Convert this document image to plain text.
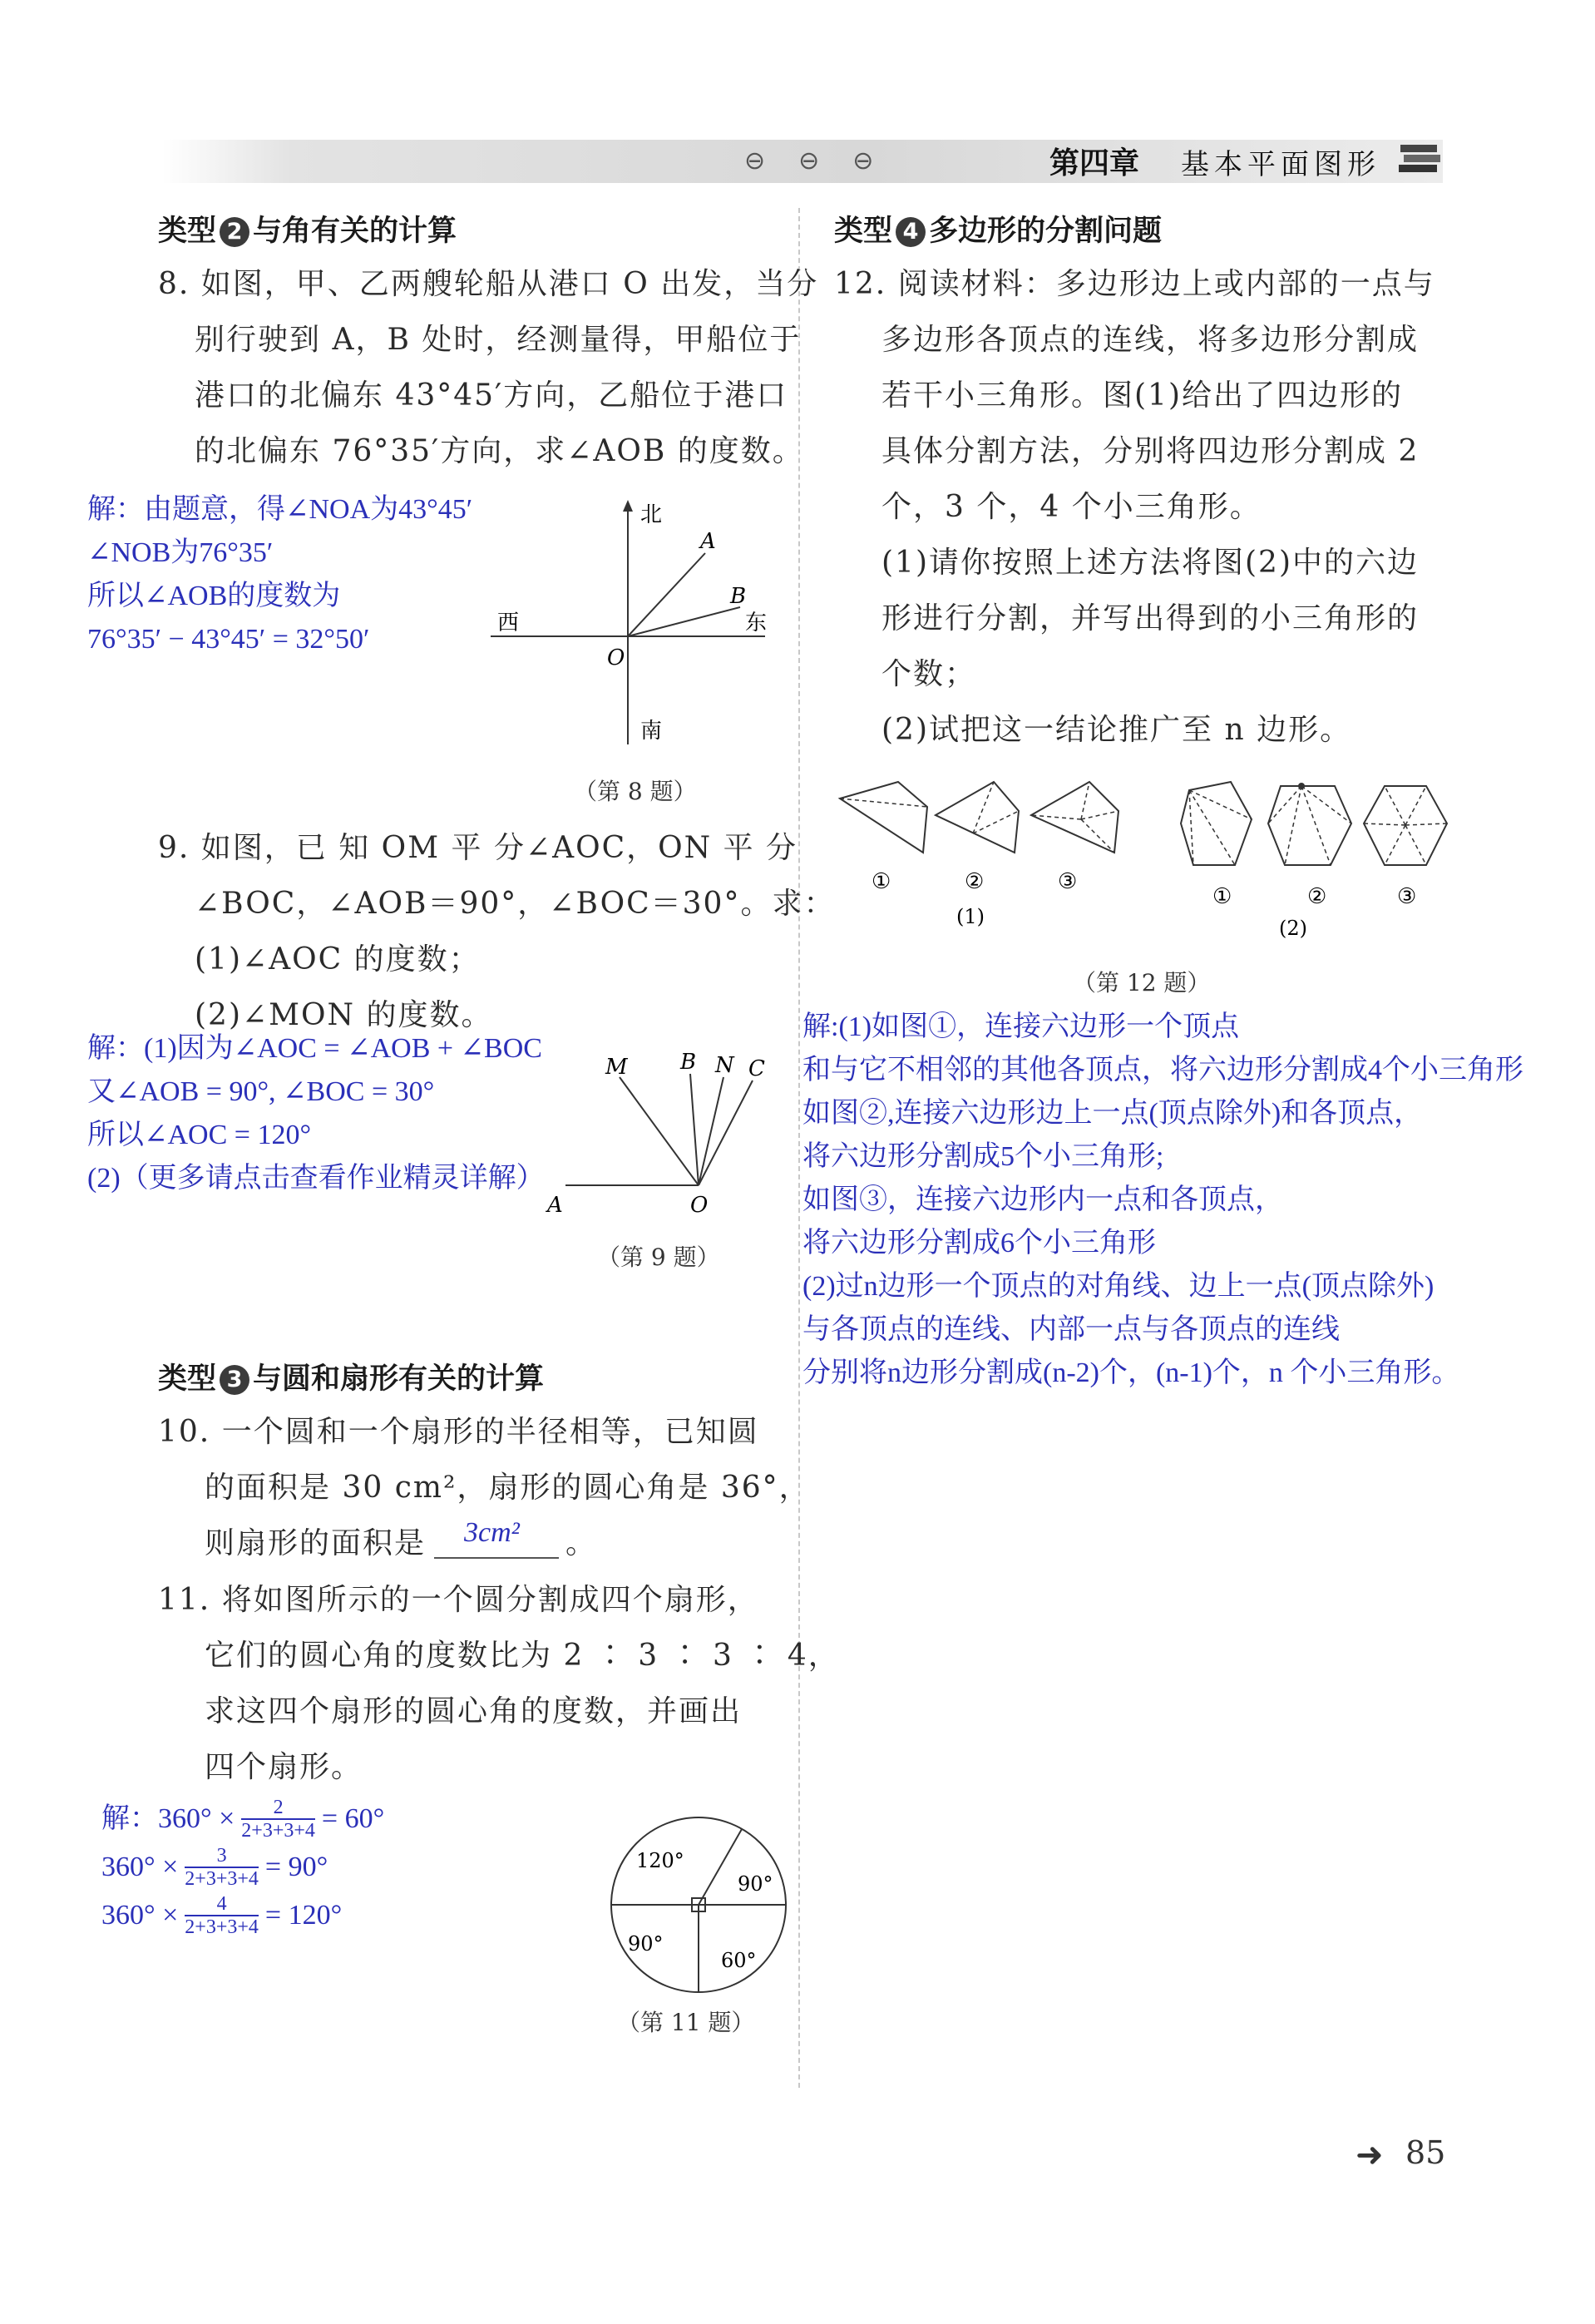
⊖⊖⊖	第四章 基本平面图形
类型 2 与角有关的计算
8. 如图，甲、乙两艘轮船从港口 O 出发，当分
别行驶到 A，B 处时，经测量得，甲船位于
港口的北偏东 43°45′方向，乙船位于港口
的北偏东 76°35′方向，求∠AOB 的度数。
解：由题意，得∠NOA为43°45′
∠NOB为76°35′
所以∠AOB的度数为
76°35′ − 43°45′ = 32°50′
北
南
西	东
A
B
O
（第 8 题）
9. 如图，已 知 OM 平 分∠AOC，ON 平 分
∠BOC，∠AOB＝90°，∠BOC＝30°。求：
(1)∠AOC 的度数；
(2)∠MON 的度数。
解：(1)因为∠AOC = ∠AOB + ∠BOC
又∠AOB = 90°, ∠BOC = 30°
所以∠AOC = 120°
(2)（更多请点击查看作业精灵详解）
M B N C
A	O
（第 9 题）
类型 3 与圆和扇形有关的计算
10. 一个圆和一个扇形的半径相等，已知圆
的面积是 30 cm²，扇形的圆心角是 36°，
则扇形的面积是 3cm² 。
11. 将如图所示的一个圆分割成四个扇形，
它们的圆心角的度数比为 2 ∶ 3 ∶ 3 ∶ 4，
求这四个扇形的圆心角的度数，并画出
四个扇形。
解：$360^\circ \times \frac{2}{2+3+3+4} = 60^\circ$
$360^\circ \times \frac{3}{2+3+3+4} = 90^\circ$
$360^\circ \times \frac{4}{2+3+3+4} = 120^\circ$
120°
90°
60°
90°
（第 11 题）
类型 4 多边形的分割问题
12. 阅读材料：多边形边上或内部的一点与
多边形各顶点的连线，将多边形分割成
若干小三角形。图(1)给出了四边形的
具体分割方法，分别将四边形分割成 2
个，3 个，4 个小三角形。
(1)请你按照上述方法将图(2)中的六边
形进行分割，并写出得到的小三角形的
个数；
(2)试把这一结论推广至 n 边形。
①	②	③
(1)
①	②	③
(2)
（第 12 题）
解:(1)如图①，连接六边形一个顶点
和与它不相邻的其他各顶点，将六边形分割成4个小三角形
如图②,连接六边形边上一点(顶点除外)和各顶点，
将六边形分割成5个小三角形;
如图③，连接六边形内一点和各顶点，
将六边形分割成6个小三角形
(2)过n边形一个顶点的对角线、边上一点(顶点除外)
与各顶点的连线、内部一点与各顶点的连线
分别将n边形分割成(n-2)个，(n-1)个，n 个小三角形。
➜ 85
